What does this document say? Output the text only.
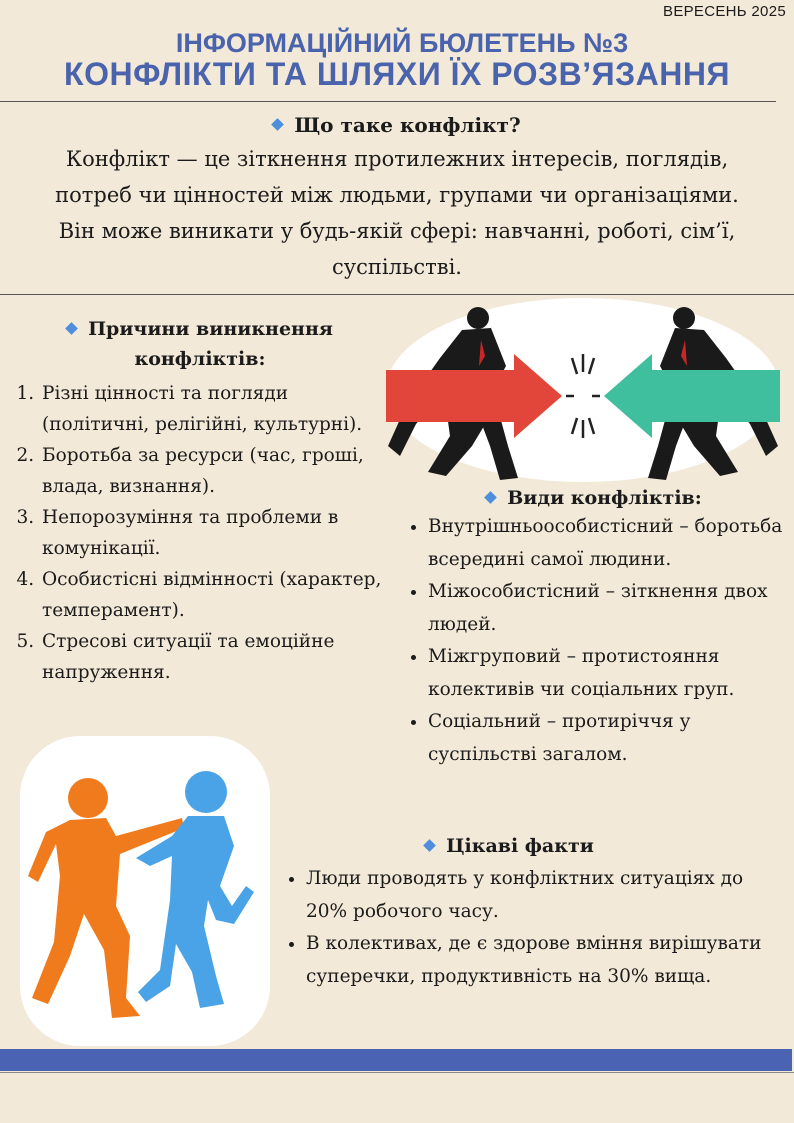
ВЕРЕСЕНЬ 2025
ІНФОРМАЦІЙНИЙ БЮЛЕТЕНЬ №3
КОНФЛІКТИ ТА ШЛЯХИ ЇХ РОЗВ’ЯЗАННЯ
Що таке конфлікт?

Конфлікт — це зіткнення протилежних інтересів, поглядів,
потреб чи цінностей між людьми, групами чи організаціями.
Він може виникати у будь-якій сфері: навчанні, роботі, сім’ї,
суспільстві.

Причини виникнення конфліктів:
1. Різні цінності та погляди (політичні, релігійні, культурні).
2. Боротьба за ресурси (час, гроші, влада, визнання).
3. Непорозуміння та проблеми в комунікації.
4. Особистісні відмінності (характер, темперамент).
5. Стресові ситуації та емоційне напруження.
Види конфліктів:
• Внутрішньоособистісний – боротьба всередині самої людини.
• Міжособистісний – зіткнення двох людей.
• Міжгруповий – протистояння колективів чи соціальних груп.
• Соціальний – протиріччя у суспільстві загалом.
Цікаві факти
• Люди проводять у конфліктних ситуаціях до 20% робочого часу.
• В колективах, де є здорове вміння вирішувати суперечки, продуктивність на 30% вища.
